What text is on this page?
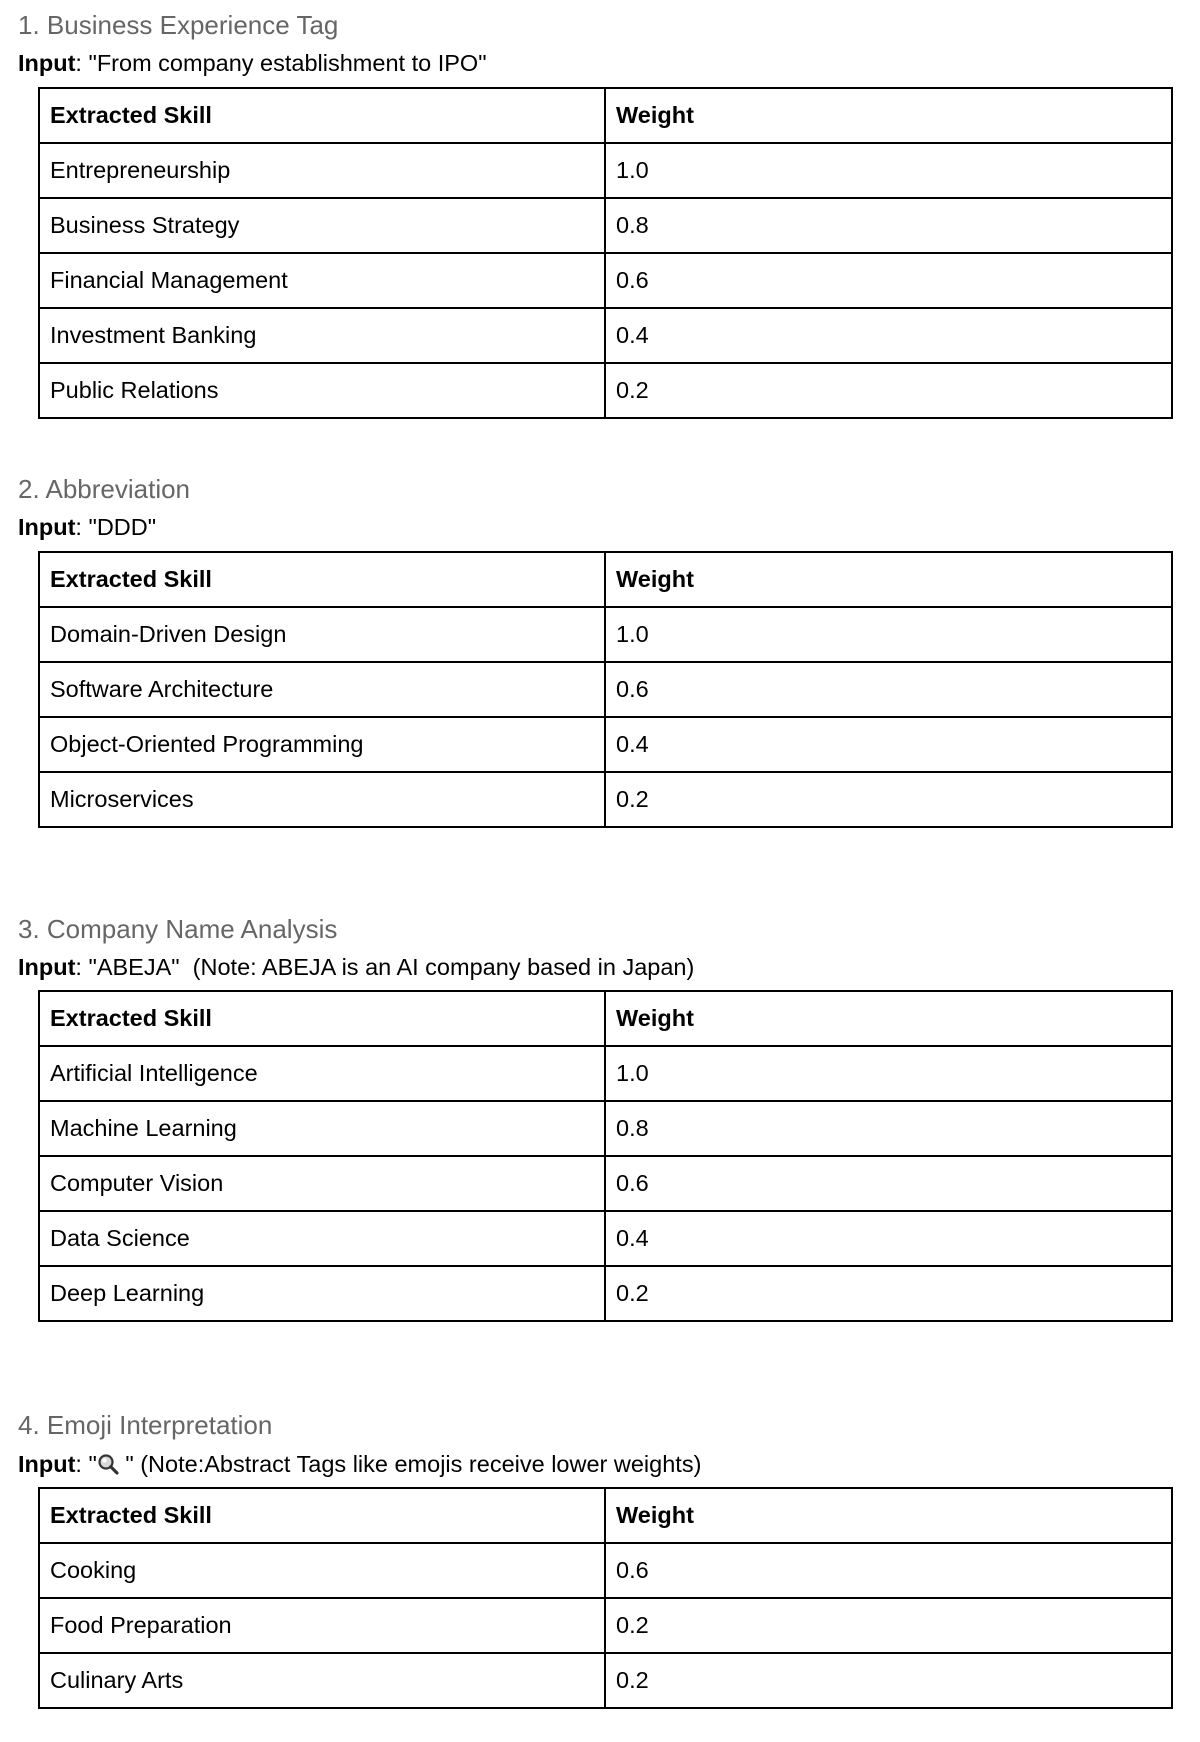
1. Business Experience Tag
Input: "From company establishment to IPO"
Extracted Skill	Weight
Entrepreneurship	1.0
Business Strategy	0.8
Financial Management	0.6
Investment Banking	0.4
Public Relations	0.2
2. Abbreviation
Input: "DDD"
Extracted Skill	Weight
Domain-Driven Design	1.0
Software Architecture	0.6
Object-Oriented Programming	0.4
Microservices	0.2
3. Company Name Analysis
Input: "ABEJA"  (Note: ABEJA is an AI company based in Japan)
Extracted Skill	Weight
Artificial Intelligence	1.0
Machine Learning	0.8
Computer Vision	0.6
Data Science	0.4
Deep Learning	0.2
4. Emoji Interpretation
Input: " " (Note:Abstract Tags like emojis receive lower weights)
Extracted Skill	Weight
Cooking	0.6
Food Preparation	0.2
Culinary Arts	0.2
